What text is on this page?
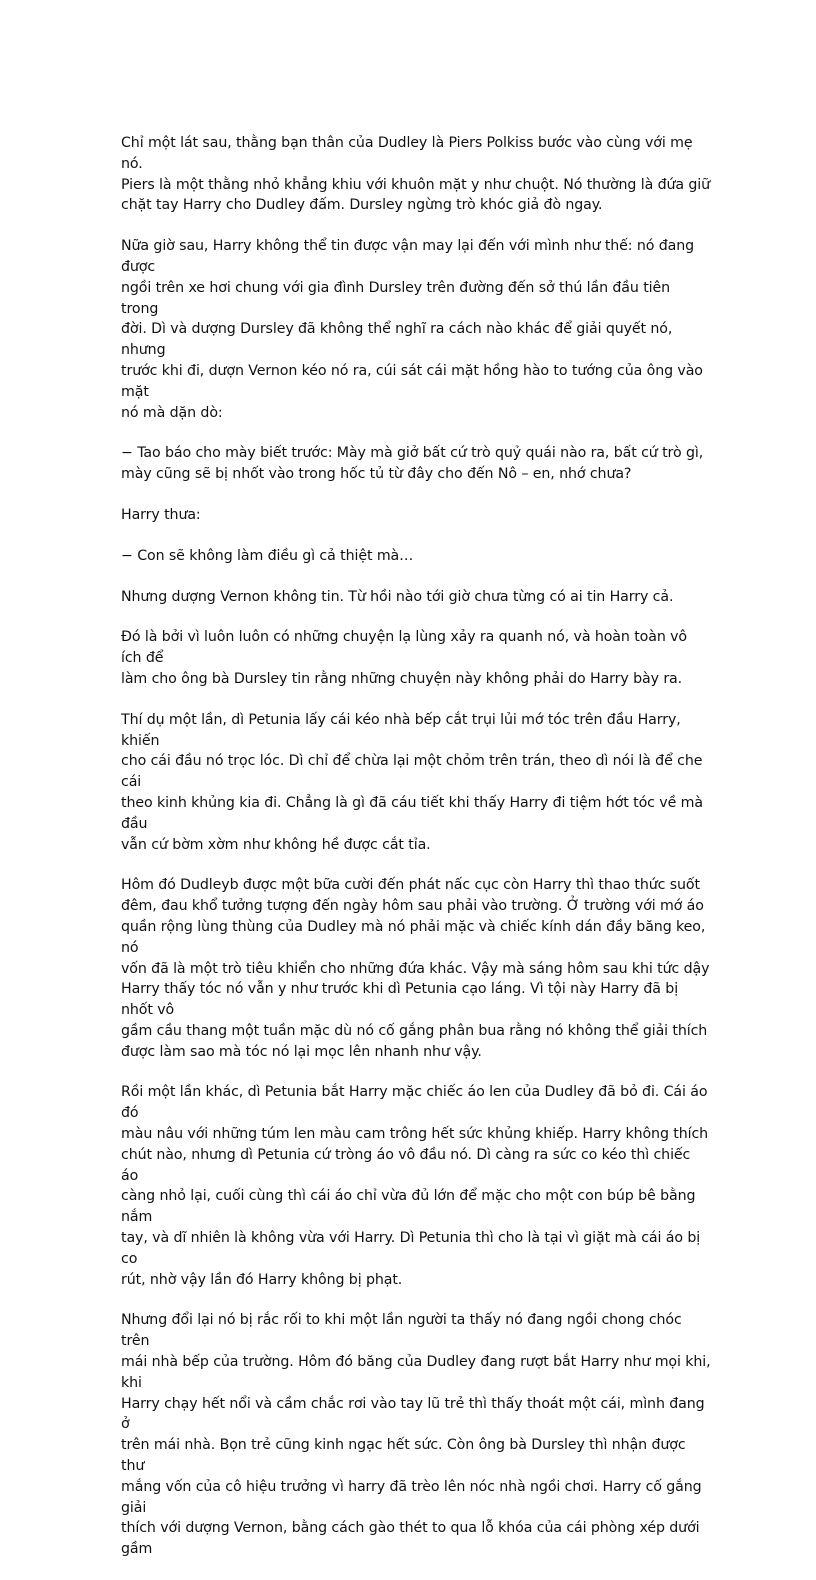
Chỉ một lát sau, thằng bạn thân của Dudley là Piers Polkiss bước vào cùng với mẹ nó.
Piers là một thằng nhỏ khẳng khiu với khuôn mặt y như chuột. Nó thường là đứa giữ
chặt tay Harry cho Dudley đấm. Dursley ngừng trò khóc giả đò ngay.

Nữa giờ sau, Harry không thể tin được vận may lại đến với mình như thế: nó đang được
ngồi trên xe hơi chung với gia đình Dursley trên đường đến sở thú lần đầu tiên trong
đời. Dì và dượng Dursley đã không thể nghĩ ra cách nào khác để giải quyết nó, nhưng
trước khi đi, dượn Vernon kéo nó ra, cúi sát cái mặt hồng hào to tướng của ông vào mặt
nó mà dặn dò:

− Tao báo cho mày biết trước: Mày mà giở bất cứ trò quỷ quái nào ra, bất cứ trò gì,
mày cũng sẽ bị nhốt vào trong hốc tủ từ đây cho đến Nô – en, nhớ chưa?

Harry thưa:

− Con sẽ không làm điều gì cả thiệt mà…

Nhưng dượng Vernon không tin. Từ hồi nào tới giờ chưa từng có ai tin Harry cả.

Đó là bởi vì luôn luôn có những chuyện lạ lùng xảy ra quanh nó, và hoàn toàn vô ích để
làm cho ông bà Dursley tin rằng những chuyện này không phải do Harry bày ra.

Thí dụ một lần, dì Petunia lấy cái kéo nhà bếp cắt trụi lủi mớ tóc trên đầu Harry, khiến
cho cái đầu nó trọc lóc. Dì chỉ để chừa lại một chỏm trên trán, theo dì nói là để che cái
theo kinh khủng kia đi. Chẳng là gì đã cáu tiết khi thấy Harry đi tiệm hớt tóc về mà đầu
vẫn cứ bờm xờm như không hề được cắt tỉa.

Hôm đó Dudleyb được một bữa cười đến phát nấc cục còn Harry thì thao thức suốt
đêm, đau khổ tưởng tượng đến ngày hôm sau phải vào trường. Ở trường với mớ áo
quần rộng lùng thùng của Dudley mà nó phải mặc và chiếc kính dán đầy băng keo, nó
vốn đã là một trò tiêu khiển cho những đứa khác. Vậy mà sáng hôm sau khi tức dậy
Harry thấy tóc nó vẫn y như trước khi dì Petunia cạo láng. Vì tội này Harry đã bị nhốt vô
gầm cầu thang một tuần mặc dù nó cố gắng phân bua rằng nó không thể giải thích
được làm sao mà tóc nó lại mọc lên nhanh như vậy.

Rồi một lần khác, dì Petunia bắt Harry mặc chiếc áo len của Dudley đã bỏ đi. Cái áo đó
màu nâu với những túm len màu cam trông hết sức khủng khiếp. Harry không thích
chút nào, nhưng dì Petunia cứ tròng áo vô đầu nó. Dì càng ra sức co kéo thì chiếc áo
càng nhỏ lại, cuối cùng thì cái áo chỉ vừa đủ lớn để mặc cho một con búp bê bằng nắm
tay, và dĩ nhiên là không vừa với Harry. Dì Petunia thì cho là tại vì giặt mà cái áo bị co
rút, nhờ vậy lần đó Harry không bị phạt.

Nhưng đổi lại nó bị rắc rối to khi một lần người ta thấy nó đang ngồi chong chóc trên
mái nhà bếp của trường. Hôm đó băng của Dudley đang rượt bắt Harry như mọi khi, khi
Harry chạy hết nổi và cầm chắc rơi vào tay lũ trẻ thì thấy thoát một cái, mình đang ở
trên mái nhà. Bọn trẻ cũng kinh ngạc hết sức. Còn ông bà Dursley thì nhận được thư
mắng vốn của cô hiệu trưởng vì harry đã trèo lên nóc nhà ngồi chơi. Harry cố gắng giải
thích với dượng Vernon, bằng cách gào thét to qua lỗ khóa của cái phòng xép dưới gầm
